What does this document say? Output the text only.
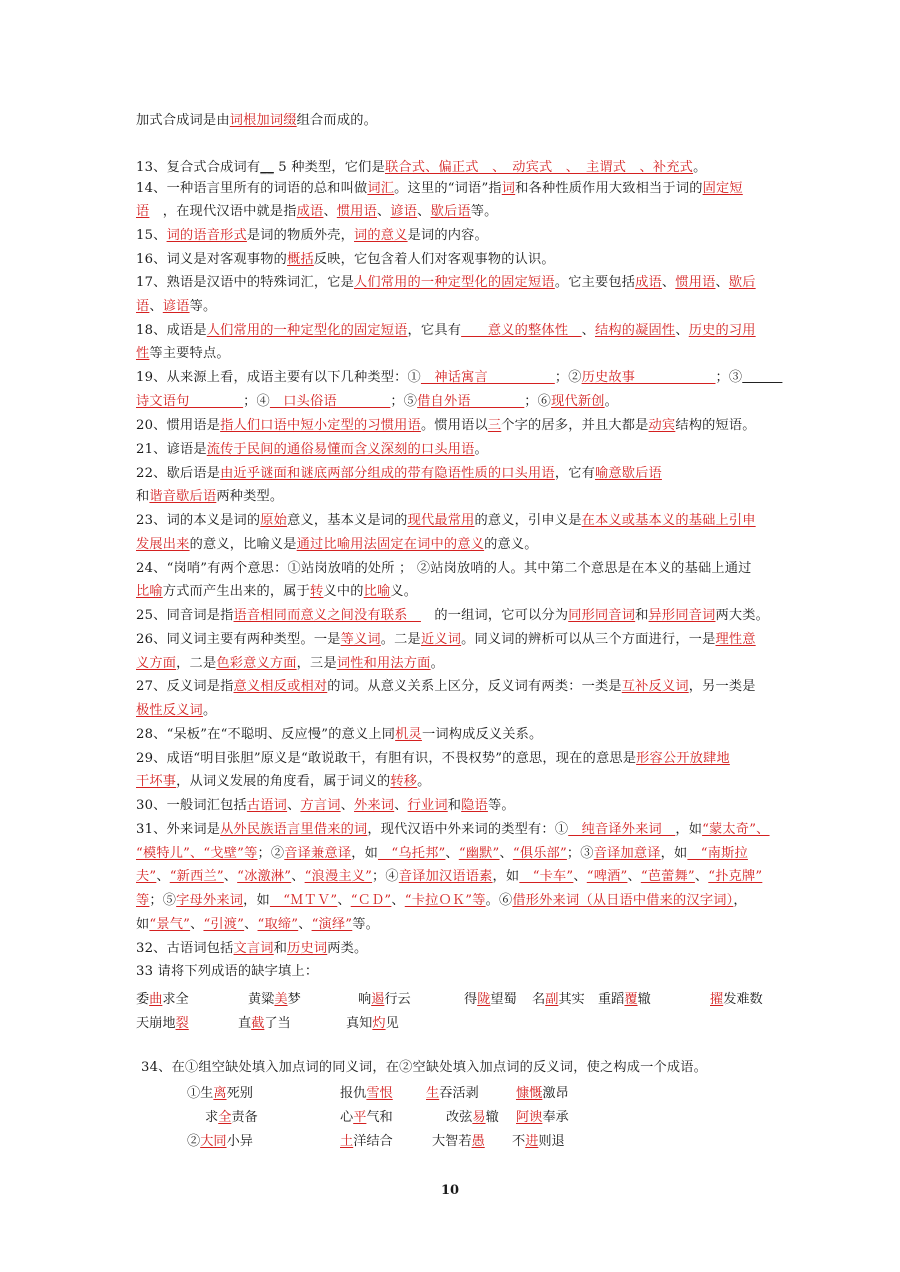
加式合成词是由词根加词缀组合而成的。
13、复合式合成词有__ 5 种类型，它们是联合式、偏正式　、　动宾式　、　主谓式　、补充式。
14、一种语言里所有的词语的总和叫做词汇。这里的“词语”指词和各种性质作用大致相当于词的固定短
语　，在现代汉语中就是指成语、惯用语、谚语、歇后语等。
15、词的语音形式是词的物质外壳，词的意义是词的内容。
16、词义是对客观事物的概括反映，它包含着人们对客观事物的认识。
17、熟语是汉语中的特殊词汇，它是人们常用的一种定型化的固定短语。它主要包括成语、惯用语、歇后
语、谚语等。
18、成语是人们常用的一种定型化的固定短语，它具有　　意义的整体性　、结构的凝固性、历史的习用
性等主要特点。
19、从来源上看，成语主要有以下几种类型：①　神话寓言　　　　　；②历史故事　　　　　　；③　　　
诗文语句　　　　；④　口头俗语　　　　；⑤借自外语　　　　；⑥现代新创。
20、惯用语是指人们口语中短小定型的习惯用语。惯用语以三个字的居多，并且大都是动宾结构的短语。
21、谚语是流传于民间的通俗易懂而含义深刻的口头用语。
22、歇后语是由近乎谜面和谜底两部分组成的带有隐语性质的口头用语，它有喻意歇后语
和谐音歇后语两种类型。
23、词的本义是词的原始意义，基本义是词的现代最常用的意义，引申义是在本义或基本义的基础上引申
发展出来的意义，比喻义是通过比喻用法固定在词中的意义的意义。
24、“岗哨”有两个意思：①站岗放哨的处所 ； ②站岗放哨的人。其中第二个意思是在本义的基础上通过
比喻方式而产生出来的，属于转义中的比喻义。
25、同音词是指语音相同而意义之间没有联系　　的一组词，它可以分为同形同音词和异形同音词两大类。
26、同义词主要有两种类型。一是等义词。二是近义词。同义词的辨析可以从三个方面进行，一是理性意
义方面，二是色彩意义方面，三是词性和用法方面。
27、反义词是指意义相反或相对的词。从意义关系上区分，反义词有两类：一类是互补反义词，另一类是
极性反义词。
28、“呆板”在“不聪明、反应慢”的意义上同机灵一词构成反义关系。
29、成语“明目张胆”原义是“敢说敢干，有胆有识，不畏权势”的意思，现在的意思是形容公开放肆地
干坏事，从词义发展的角度看，属于词义的转移。
30、一般词汇包括古语词、方言词、外来词、行业词和隐语等。
31、外来词是从外民族语言里借来的词，现代汉语中外来词的类型有：①　纯音译外来词　，如“蒙太奇”、
“模特儿”、“戈壁”等；②音译兼意译，如　“乌托邦”、“幽默”、“俱乐部”；③音译加意译，如　“南斯拉
夫”、“新西兰”、“冰激淋”、“浪漫主义”；④音译加汉语语素，如　“卡车”、“啤酒”、“芭蕾舞”、“扑克牌”
等；⑤字母外来词，如　“ＭＴＶ”、“ＣＤ”、“卡拉ＯＫ”等。⑥借形外来词（从日语中借来的汉字词），
如“景气”、“引渡”、“取缔”、“演绎”等。
32、古语词包括文言词和历史词两类。
33 请将下列成语的缺字填上：
委曲求全	黄粱美梦	响遏行云	得陇望蜀 名副其实 重蹈覆辙	擢发难数
天崩地裂	直截了当	真知灼见
34、在①组空缺处填入加点词的同义词，在②空缺处填入加点词的反义词，使之构成一个成语。
①生离死别	报仇雪恨	生吞活剥	慷慨激昂
求全责备	心平气和	改弦易辙 阿谀奉承
②大同小异	土洋结合	大智若愚 不进则退
10
